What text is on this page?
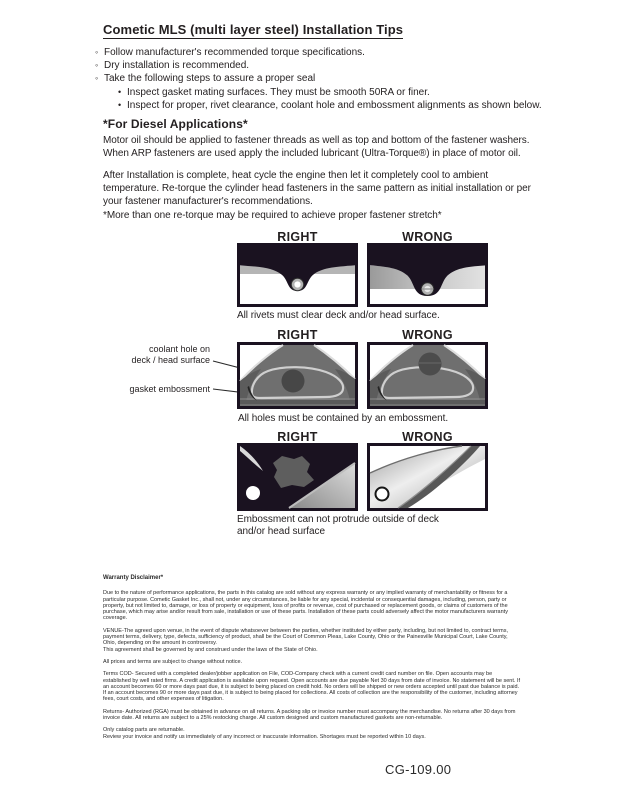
Cometic MLS (multi layer steel) Installation Tips
◦ Follow manufacturer's recommended torque specifications.
◦ Dry installation is recommended.
◦ Take the following steps to assure a proper seal
• Inspect gasket mating surfaces. They must be smooth 50RA or finer.
• Inspect for proper, rivet clearance, coolant hole and embossment alignments as shown below.
*For Diesel Applications*
Motor oil should be applied to fastener threads as well as top and bottom of the fastener washers. When ARP fasteners are used apply the included lubricant (Ultra-Torque®) in place of motor oil.
After Installation is complete, heat cycle the engine then let it completely cool to ambient temperature. Re-torque the cylinder head fasteners in the same pattern as initial installation or per your fastener manufacturer's recommendations.
*More than one re-torque may be required to achieve proper fastener stretch*
RIGHT	WRONG
All rivets must clear deck and/or head surface.
coolant hole on
deck / head surface
gasket embossment
RIGHT	WRONG
All holes must be contained by an embossment.
RIGHT	WRONG
Embossment can not protrude outside of deck
and/or head surface

Warranty Disclaimer*

Due to the nature of performance applications, the parts in this catalog are sold without any express warranty or any implied warranty of merchantability or fitness for a particular purpose. Cometic Gasket Inc., shall not, under any circumstances, be liable for any special, incidental or consequential damages, including, person, party or property, but not limited to, damage, or loss of property or equipment, loss of profits or revenue, cost of purchased or replacement goods, or claims of customers of the purchase, which may arise and/or result from sale, installation or use of these parts. Installation of these parts could adversely affect the motor manufacturers warranty coverage.

VENUE-The agreed upon venue, in the event of dispute whatsoever between the parties, whether instituted by either party, including, but not limited to, contract terms, payment terms, delivery, type, defects, sufficiency of product, shall be the Court of Common Pleas, Lake County, Ohio or the Painesville Municipal Court, Lake County, Ohio, depending on the amount in controversy.

This agreement shall be governed by and construed under the laws of the State of Ohio.

All prices and terms are subject to change without notice.

Terms COD- Secured with a completed dealer/jobber application on File, COD-Company check with a current credit card number on file. Open accounts may be established by well rated firms. A credit application is available upon request. Open accounts are due payable Net 30 days from date of invoice. No statement will be sent. If an account becomes 60 or more days past due, it is subject to being placed on credit hold. No orders will be shipped or new orders accepted until past due balance is paid. If an account becomes 90 or more days past due, it is subject to being placed for collections. All costs of collection are the responsibility of the customer, including attorney fees, court costs, and other expenses of litigation.

Returns- Authorized (RGA) must be obtained in advance on all returns. A packing slip or invoice number must accompany the merchandise. No returns after 30 days from invoice date. All returns are subject to a 25% restocking charge. All custom designed and custom manufactured gaskets are non-returnable.

Only catalog parts are returnable.

Review your invoice and notify us immediately of any incorrect or inaccurate information. Shortages must be reported within 10 days.

CG-109.00
